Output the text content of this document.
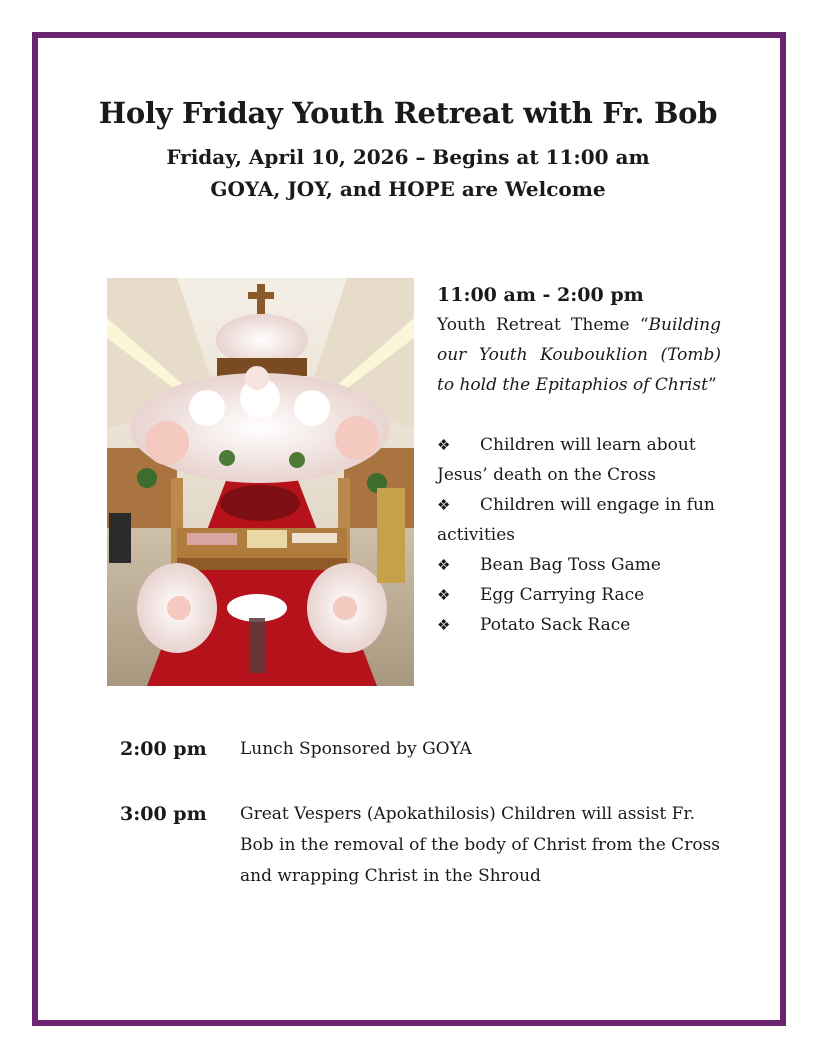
Holy Friday Youth Retreat with Fr. Bob
Friday, April 10, 2026 – Begins at 11:00 am
GOYA, JOY, and HOPE are Welcome
11:00 am - 2:00 pm
Youth Retreat Theme “Building our Youth Koubouklion (Tomb) to hold the Epitaphios of Christ”
❖ Children will learn about Jesus’ death on the Cross
❖ Children will engage in fun activities
❖ Bean Bag Toss Game
❖ Egg Carrying Race
❖ Potato Sack Race
2:00 pm Lunch Sponsored by GOYA
3:00 pm Great Vespers (Apokathilosis) Children will assist Fr. Bob in the removal of the body of Christ from the Cross and wrapping Christ in the Shroud
